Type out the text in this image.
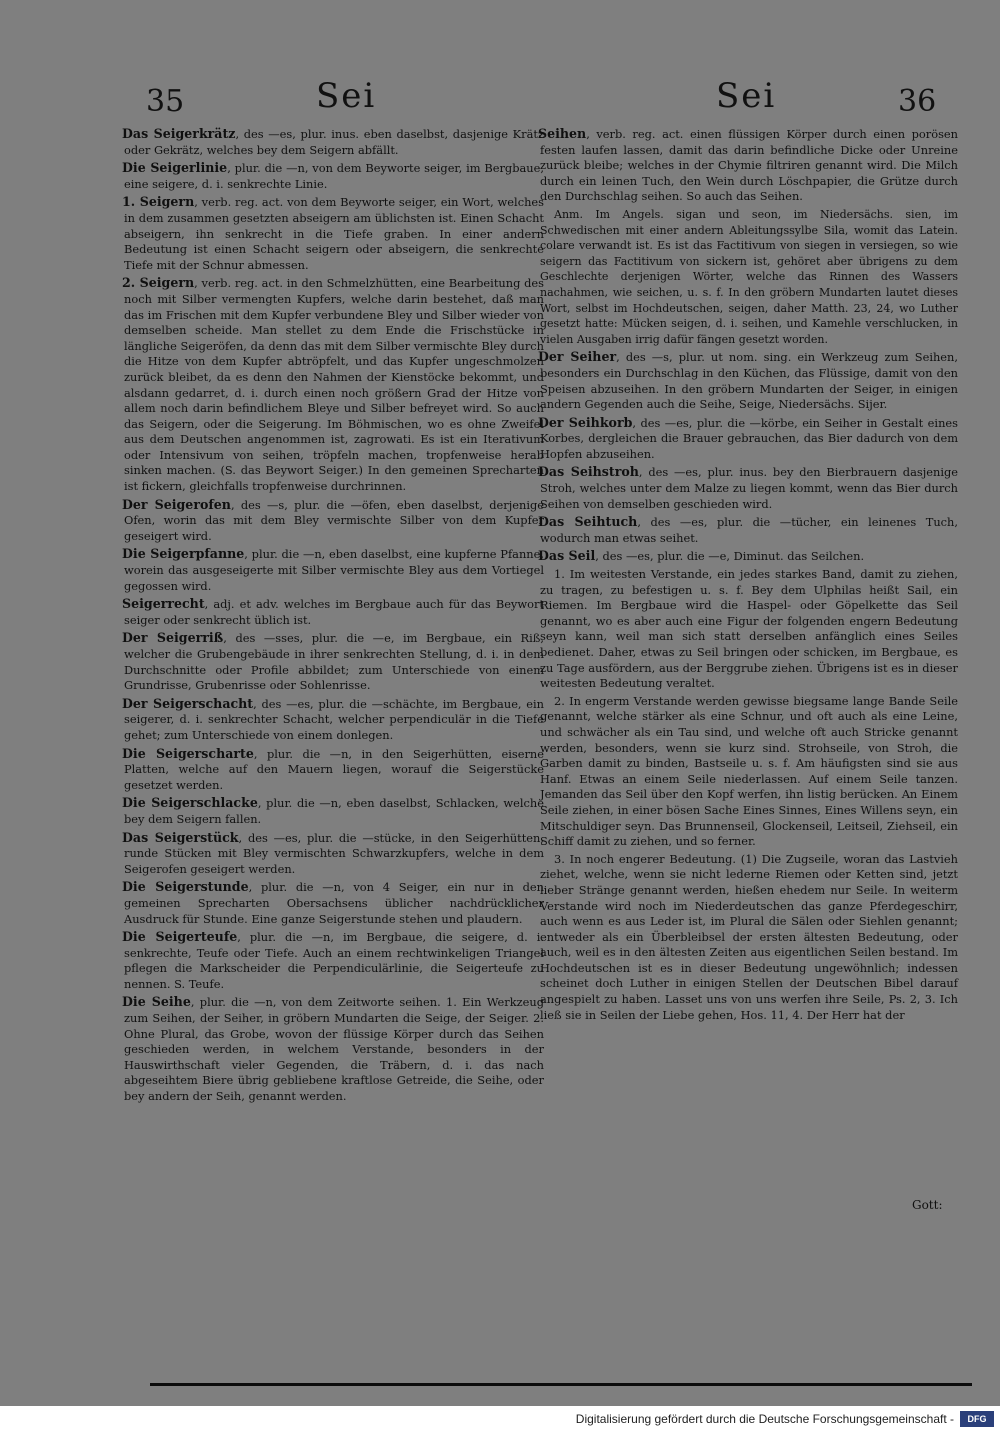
35	Sei	Sei	36

Das Seigerkrätz, des —es, plur. inus. eben daselbst, dasjenige Krätz oder Gekrätz, welches bey dem Seigern abfällt.

Die Seigerlinie, plur. die —n, von dem Beyworte seiger, im Bergbaue, eine seigere, d. i. senkrechte Linie.

1. Seigern, verb. reg. act. von dem Beyworte seiger, ein Wort, welches in dem zusammen gesetzten abseigern am üblichsten ist. Einen Schacht abseigern, ihn senkrecht in die Tiefe graben. In einer andern Bedeutung ist einen Schacht seigern oder abseigern, die senkrechte Tiefe mit der Schnur abmessen.

2. Seigern, verb. reg. act. in den Schmelzhütten, eine Bearbeitung des noch mit Silber vermengten Kupfers, welche darin bestehet, daß man das im Frischen mit dem Kupfer verbundene Bley und Silber wieder von demselben scheide. Man stellet zu dem Ende die Frischstücke in längliche Seigeröfen, da denn das mit dem Silber vermischte Bley durch die Hitze von dem Kupfer abtröpfelt, und das Kupfer ungeschmolzen zurück bleibet, da es denn den Nahmen der Kienstöcke bekommt, und alsdann gedarret, d. i. durch einen noch größern Grad der Hitze von allem noch darin befindlichem Bleye und Silber befreyet wird. So auch das Seigern, oder die Seigerung. Im Böhmischen, wo es ohne Zweifel aus dem Deutschen angenommen ist, zagrowati. Es ist ein Iterativum oder Intensivum von seihen, tröpfeln machen, tropfenweise herab sinken machen. (S. das Beywort Seiger.) In den gemeinen Sprecharten ist fickern, gleichfalls tropfenweise durchrinnen.

Der Seigerofen, des —s, plur. die —öfen, eben daselbst, derjenige Ofen, worin das mit dem Bley vermischte Silber von dem Kupfer geseigert wird.

Die Seigerpfanne, plur. die —n, eben daselbst, eine kupferne Pfanne, worein das ausgeseigerte mit Silber vermischte Bley aus dem Vortiegel gegossen wird.

Seigerrecht, adj. et adv. welches im Bergbaue auch für das Beywort seiger oder senkrecht üblich ist.

Der Seigerriß, des —sses, plur. die —e, im Bergbaue, ein Riß, welcher die Grubengebäude in ihrer senkrechten Stellung, d. i. in dem Durchschnitte oder Profile abbildet; zum Unterschiede von einem Grundrisse, Grubenrisse oder Sohlenrisse.

Der Seigerschacht, des —es, plur. die —schächte, im Bergbaue, ein seigerer, d. i. senkrechter Schacht, welcher perpendiculär in die Tiefe gehet; zum Unterschiede von einem donlegen.

Die Seigerscharte, plur. die —n, in den Seigerhütten, eiserne Platten, welche auf den Mauern liegen, worauf die Seigerstücke gesetzet werden.

Die Seigerschlacke, plur. die —n, eben daselbst, Schlacken, welche bey dem Seigern fallen.

Das Seigerstück, des —es, plur. die —stücke, in den Seigerhütten, runde Stücken mit Bley vermischten Schwarzkupfers, welche in dem Seigerofen geseigert werden.

Die Seigerstunde, plur. die —n, von 4 Seiger, ein nur in den gemeinen Sprecharten Obersachsens üblicher nachdrücklicher Ausdruck für Stunde. Eine ganze Seigerstunde stehen und plaudern.

Die Seigerteufe, plur. die —n, im Bergbaue, die seigere, d. i. senkrechte, Teufe oder Tiefe. Auch an einem rechtwinkeligen Triangel pflegen die Markscheider die Perpendiculärlinie, die Seigerteufe zu nennen. S. Teufe.

Die Seihe, plur. die —n, von dem Zeitworte seihen. 1. Ein Werkzeug zum Seihen, der Seiher, in gröbern Mundarten die Seige, der Seiger. 2. Ohne Plural, das Grobe, wovon der flüssige Körper durch das Seihen geschieden werden, in welchem Verstande, besonders in der Hauswirthschaft vieler Gegenden, die Träbern, d. i. das nach abgeseihtem Biere übrig gebliebene kraftlose Getreide, die Seihe, oder bey andern der Seih, genannt werden.

Seihen, verb. reg. act. einen flüssigen Körper durch einen porösen festen laufen lassen, damit das darin befindliche Dicke oder Unreine zurück bleibe; welches in der Chymie filtriren genannt wird. Die Milch durch ein leinen Tuch, den Wein durch Löschpapier, die Grütze durch den Durchschlag seihen. So auch das Seihen.

Anm. Im Angels. sigan und seon, im Niedersächs. sien, im Schwedischen mit einer andern Ableitungssylbe Sila, womit das Latein. colare verwandt ist. Es ist das Factitivum von siegen in versiegen, so wie seigern das Factitivum von sickern ist, gehöret aber übrigens zu dem Geschlechte derjenigen Wörter, welche das Rinnen des Wassers nachahmen, wie seichen, u. s. f. In den gröbern Mundarten lautet dieses Wort, selbst im Hochdeutschen, seigen, daher Matth. 23, 24, wo Luther gesetzt hatte: Mücken seigen, d. i. seihen, und Kamehle verschlucken, in vielen Ausgaben irrig dafür fängen gesetzt worden.

Der Seiher, des —s, plur. ut nom. sing. ein Werkzeug zum Seihen, besonders ein Durchschlag in den Küchen, das Flüssige, damit von den Speisen abzuseihen. In den gröbern Mundarten der Seiger, in einigen andern Gegenden auch die Seihe, Seige, Niedersächs. Sijer.

Der Seihkorb, des —es, plur. die —körbe, ein Seiher in Gestalt eines Korbes, dergleichen die Brauer gebrauchen, das Bier dadurch von dem Hopfen abzuseihen.

Das Seihstroh, des —es, plur. inus. bey den Bierbrauern dasjenige Stroh, welches unter dem Malze zu liegen kommt, wenn das Bier durch Seihen von demselben geschieden wird.

Das Seihtuch, des —es, plur. die —tücher, ein leinenes Tuch, wodurch man etwas seihet.

Das Seil, des —es, plur. die —e, Diminut. das Seilchen.

1. Im weitesten Verstande, ein jedes starkes Band, damit zu ziehen, zu tragen, zu befestigen u. s. f. Bey dem Ulphilas heißt Sail, ein Riemen. Im Bergbaue wird die Haspel- oder Göpelkette das Seil genannt, wo es aber auch eine Figur der folgenden engern Bedeutung seyn kann, weil man sich statt derselben anfänglich eines Seiles bedienet. Daher, etwas zu Seil bringen oder schicken, im Bergbaue, es zu Tage ausfördern, aus der Berggrube ziehen. Übrigens ist es in dieser weitesten Bedeutung veraltet.

2. In engerm Verstande werden gewisse biegsame lange Bande Seile genannt, welche stärker als eine Schnur, und oft auch als eine Leine, und schwächer als ein Tau sind, und welche oft auch Stricke genannt werden, besonders, wenn sie kurz sind. Strohseile, von Stroh, die Garben damit zu binden, Bastseile u. s. f. Am häufigsten sind sie aus Hanf. Etwas an einem Seile niederlassen. Auf einem Seile tanzen. Jemanden das Seil über den Kopf werfen, ihn listig berücken. An Einem Seile ziehen, in einer bösen Sache Eines Sinnes, Eines Willens seyn, ein Mitschuldiger seyn. Das Brunnenseil, Glockenseil, Leitseil, Ziehseil, ein Schiff damit zu ziehen, und so ferner.

3. In noch engerer Bedeutung. (1) Die Zugseile, woran das Lastvieh ziehet, welche, wenn sie nicht lederne Riemen oder Ketten sind, jetzt lieber Stränge genannt werden, hießen ehedem nur Seile. In weiterm Verstande wird noch im Niederdeutschen das ganze Pferdegeschirr, auch wenn es aus Leder ist, im Plural die Sälen oder Siehlen genannt; entweder als ein Überbleibsel der ersten ältesten Bedeutung, oder auch, weil es in den ältesten Zeiten aus eigentlichen Seilen bestand. Im Hochdeutschen ist es in dieser Bedeutung ungewöhnlich; indessen scheinet doch Luther in einigen Stellen der Deutschen Bibel darauf angespielt zu haben. Lasset uns von uns werfen ihre Seile, Ps. 2, 3. Ich ließ sie in Seilen der Liebe gehen, Hos. 11, 4. Der Herr hat der

Gott:
Digitalisierung gefördert durch die Deutsche Forschungsgemeinschaft -	DFG
